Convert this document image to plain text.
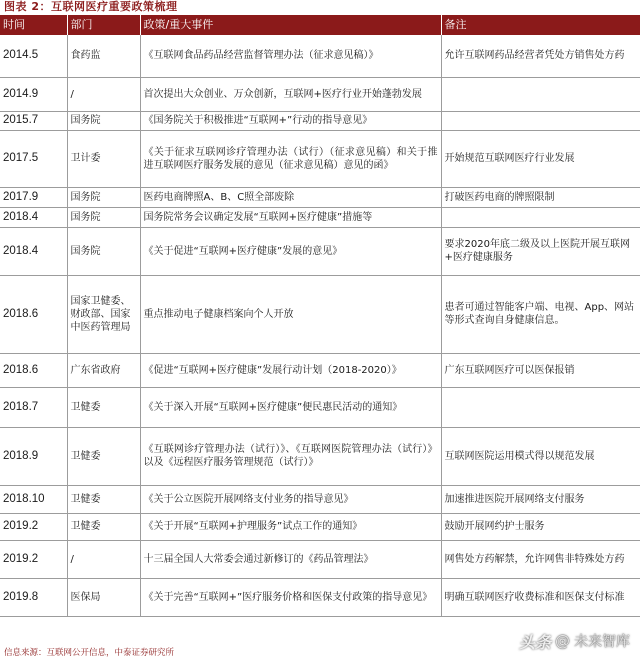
图表 2：互联网医疗重要政策梳理
时间	部门	政策/重大事件	备注
2014.5	食药监	《互联网食品药品经营监督管理办法（征求意见稿）》	允许互联网药品经营者凭处方销售处方药
2014.9	/	首次提出大众创业、万众创新，互联网+医疗行业开始蓬勃发展	
2015.7	国务院	《国务院关于积极推进“互联网+”行动的指导意见》	
2017.5	卫计委	《关于征求互联网诊疗管理办法（试行）（征求意见稿）和关于推进互联网医疗服务发展的意见（征求意见稿）意见的函》	开始规范互联网医疗行业发展
2017.9	国务院	医药电商牌照A、B、C照全部废除	打破医药电商的牌照限制
2018.4	国务院	国务院常务会议确定发展“互联网+医疗健康”措施等	
2018.4	国务院	《关于促进“互联网+医疗健康”发展的意见》	要求2020年底二级及以上医院开展互联网+医疗健康服务
2018.6	国家卫健委、财政部、国家中医药管理局	重点推动电子健康档案向个人开放	患者可通过智能客户端、电视、App、网站等形式查询自身健康信息。
2018.6	广东省政府	《促进“互联网+医疗健康”发展行动计划（2018-2020）》	广东互联网医疗可以医保报销
2018.7	卫健委	《关于深入开展“互联网+医疗健康”便民惠民活动的通知》	
2018.9	卫健委	《互联网诊疗管理办法（试行）》、《互联网医院管理办法（试行）》以及《远程医疗服务管理规范（试行）》	互联网医院运用模式得以规范发展
2018.10	卫健委	《关于公立医院开展网络支付业务的指导意见》	加速推进医院开展网络支付服务
2019.2	卫健委	《关于开展“互联网+护理服务”试点工作的通知》	鼓励开展网约护士服务
2019.2	/	十三届全国人大常委会通过新修订的《药品管理法》	网售处方药解禁，允许网售非特殊处方药
2019.8	医保局	《关于完善“互联网+”医疗服务价格和医保支付政策的指导意见》	明确互联网医疗收费标准和医保支付标准
信息来源：互联网公开信息，中泰证券研究所
头条 @ 未来智库
